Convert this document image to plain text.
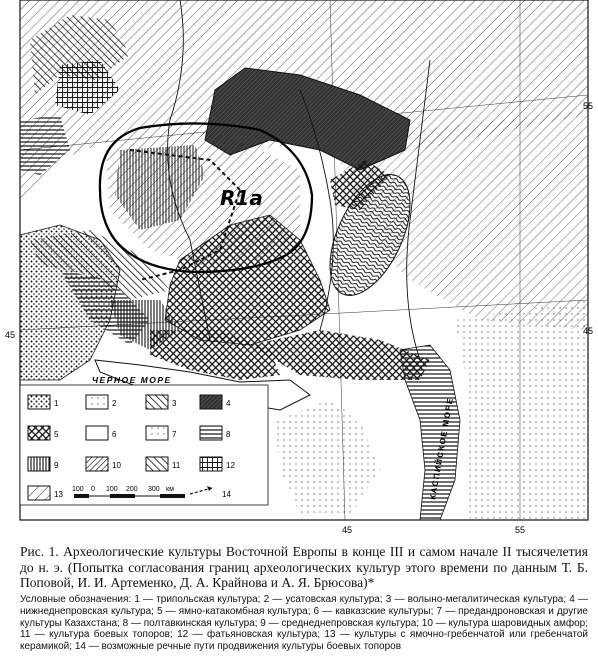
R1a
55
45	45
45	55
ЧЕРНОЕ МОРЕ
КАСПИЙСКОЕ МОРЕ
1	2	3	4
5	6	7	8
9	10	11	12
13
100 0 100 200 300 км
14
Рис. 1. Археологические культуры Восточной Европы в конце III и самом начале II тысячелетия до н. э. (Попытка согласования границ археологических культур этого времени по данным Т. Б. Поповой, И. И. Артеменко, Д. А. Крайнова и А. Я. Брюсова)*
Условные обозначения: 1 — трипольская культура; 2 — усатовская культура; 3 — волыно-мегалитическая культура; 4 — нижнеднепровская культура; 5 — ямно-катакомбная культура; 6 — кавказские культуры; 7 — предандроновская и другие культуры Казахстана; 8 — полтавкинская культура; 9 — среднеднепровская культура; 10 — культура шаровидных амфор; 11 — культура боевых топоров; 12 — фатьяновская культура; 13 — культуры с ямочно-гребенчатой или гребенчатой керамикой; 14 — возможные речные пути продвижения культуры боевых топоров
